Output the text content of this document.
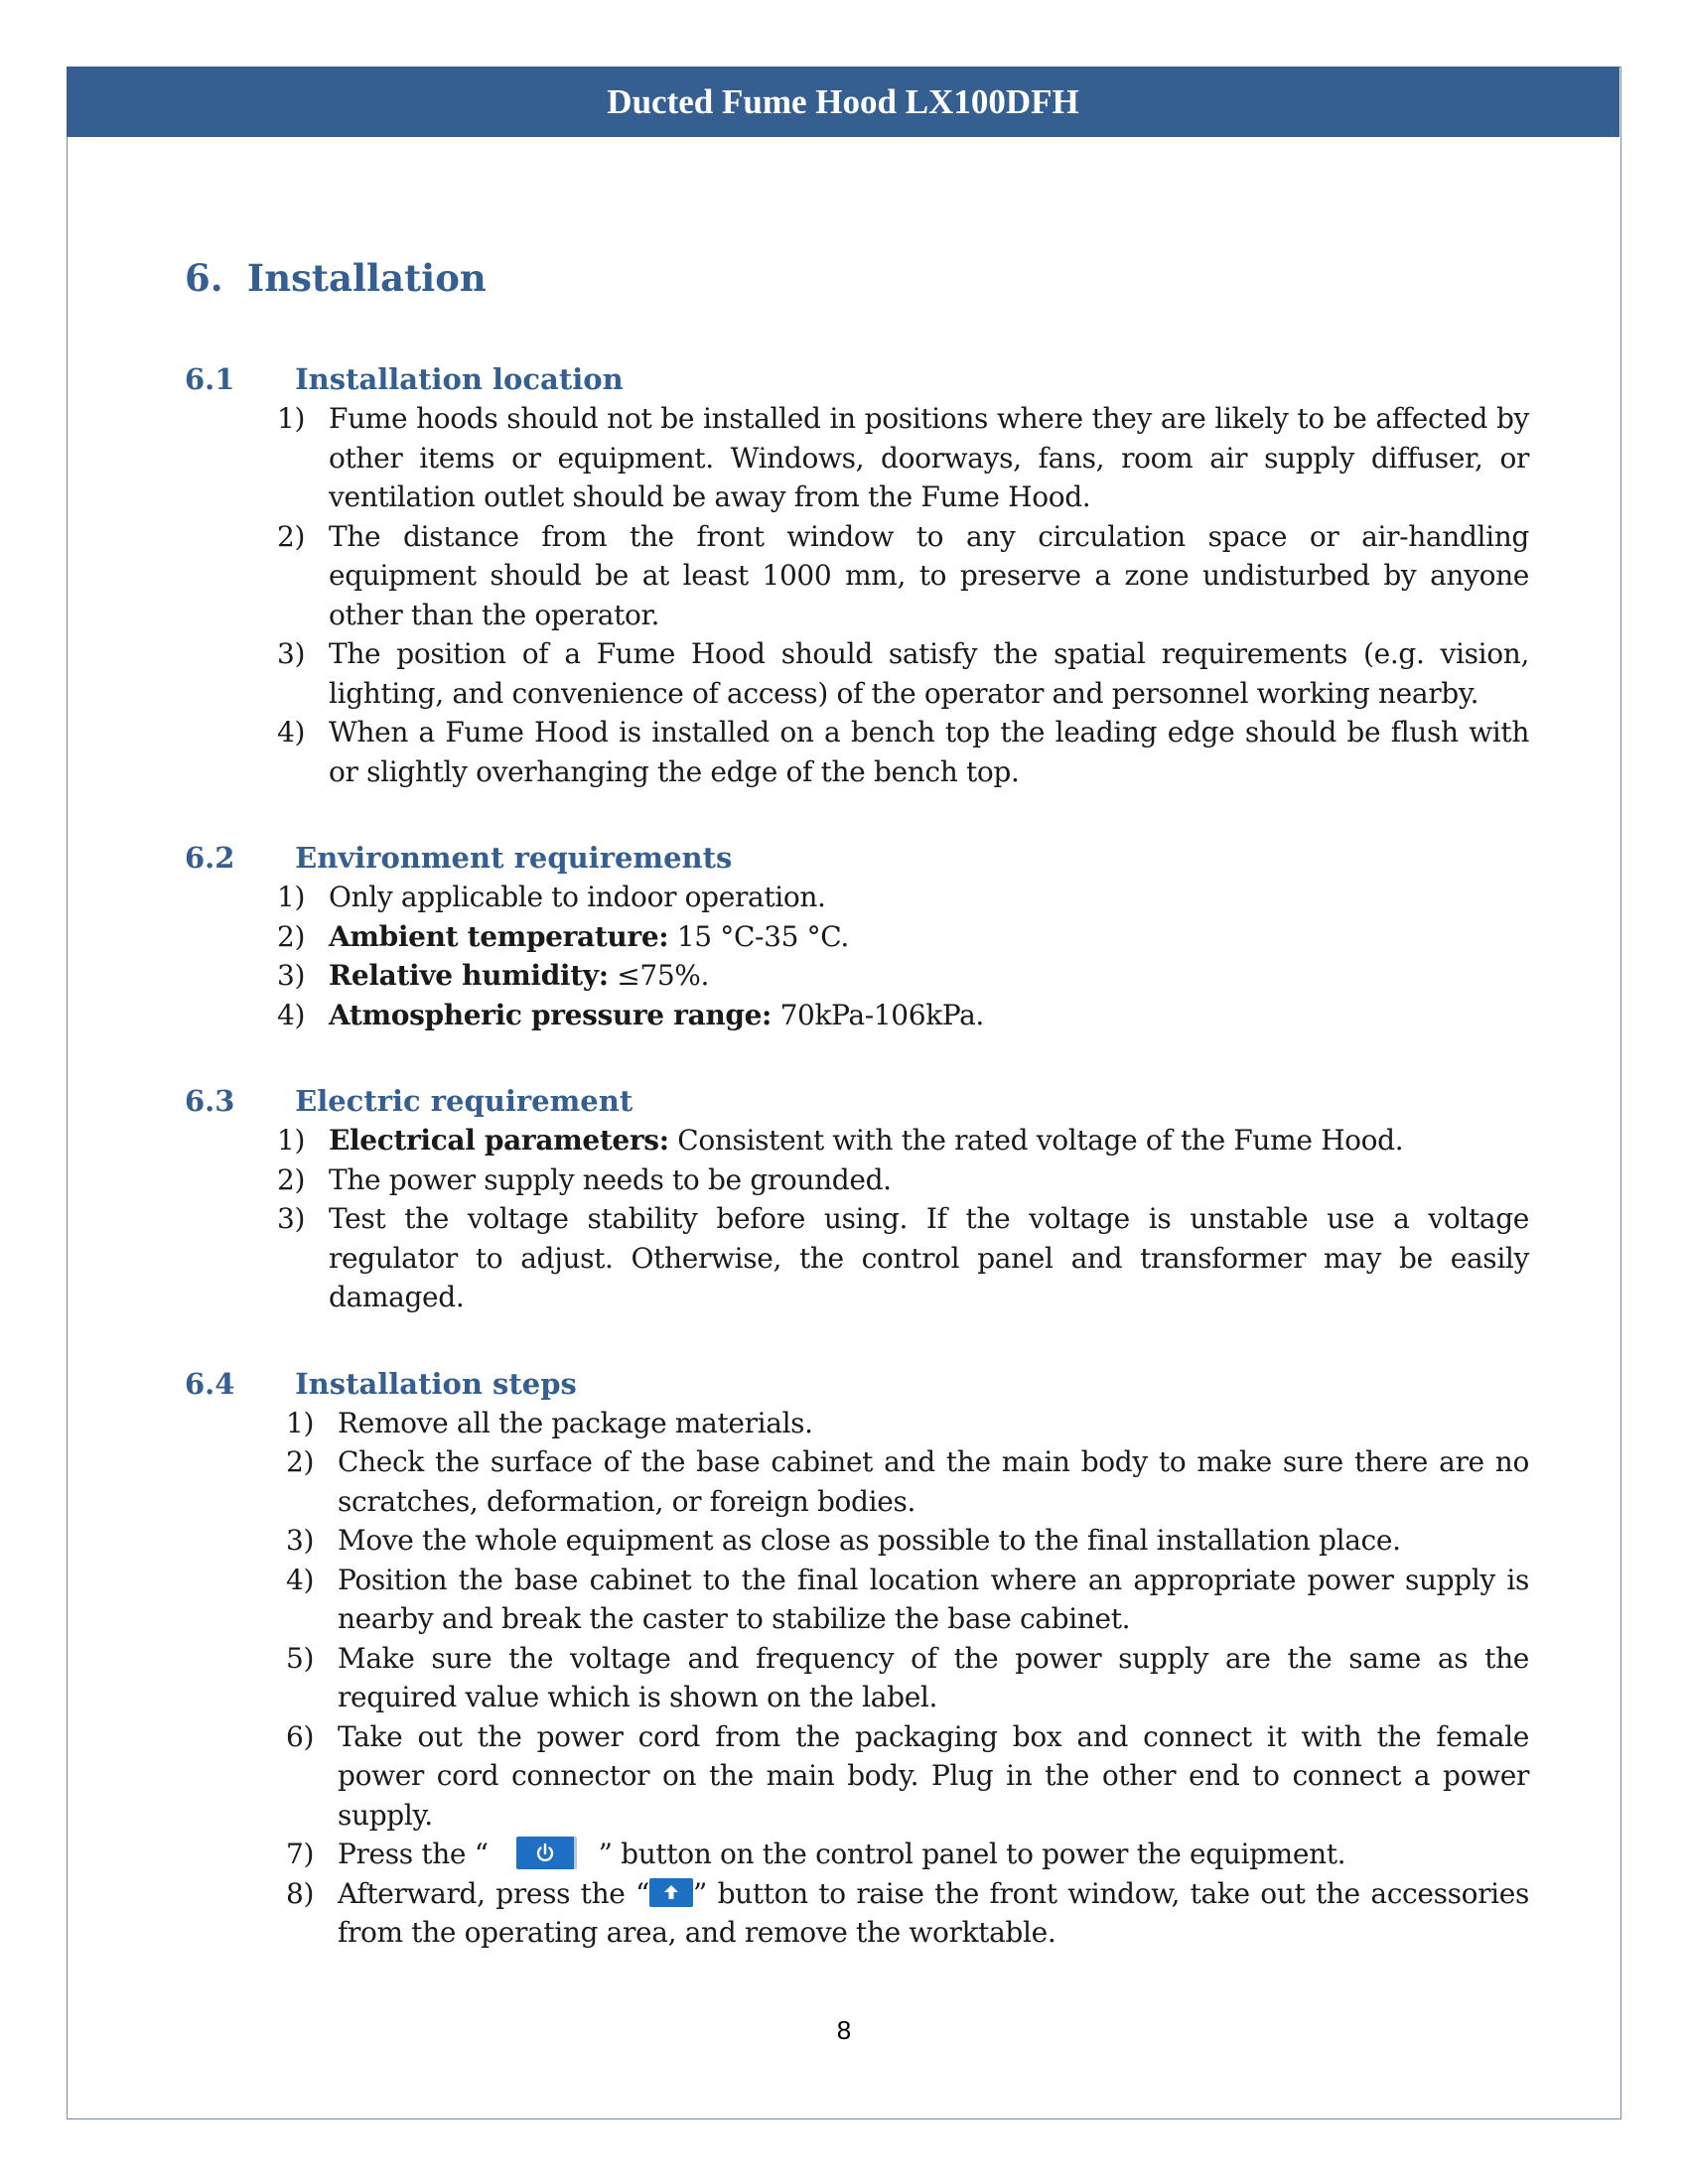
Ducted Fume Hood LX100DFH
6. Installation
6.1 Installation location
1) Fume hoods should not be installed in positions where they are likely to be affected by other items or equipment. Windows, doorways, fans, room air supply diffuser, or ventilation outlet should be away from the Fume Hood.
2) The distance from the front window to any circulation space or air-handling equipment should be at least 1000 mm, to preserve a zone undisturbed by anyone other than the operator.
3) The position of a Fume Hood should satisfy the spatial requirements (e.g. vision, lighting, and convenience of access) of the operator and personnel working nearby.
4) When a Fume Hood is installed on a bench top the leading edge should be flush with or slightly overhanging the edge of the bench top.
6.2 Environment requirements
1) Only applicable to indoor operation.
2) Ambient temperature: 15 °C-35 °C.
3) Relative humidity: ≤75%.
4) Atmospheric pressure range: 70kPa-106kPa.
6.3 Electric requirement
1) Electrical parameters: Consistent with the rated voltage of the Fume Hood.
2) The power supply needs to be grounded.
3) Test the voltage stability before using. If the voltage is unstable use a voltage regulator to adjust. Otherwise, the control panel and transformer may be easily damaged.
6.4 Installation steps
1) Remove all the package materials.
2) Check the surface of the base cabinet and the main body to make sure there are no scratches, deformation, or foreign bodies.
3) Move the whole equipment as close as possible to the final installation place.
4) Position the base cabinet to the final location where an appropriate power supply is nearby and break the caster to stabilize the base cabinet.
5) Make sure the voltage and frequency of the power supply are the same as the required value which is shown on the label.
6) Take out the power cord from the packaging box and connect it with the female power cord connector on the main body. Plug in the other end to connect a power supply.
7) Press the “	” button on the control panel to power the equipment.
8) Afterward, press the “ ” button to raise the front window, take out the accessories from the operating area, and remove the worktable.
8
